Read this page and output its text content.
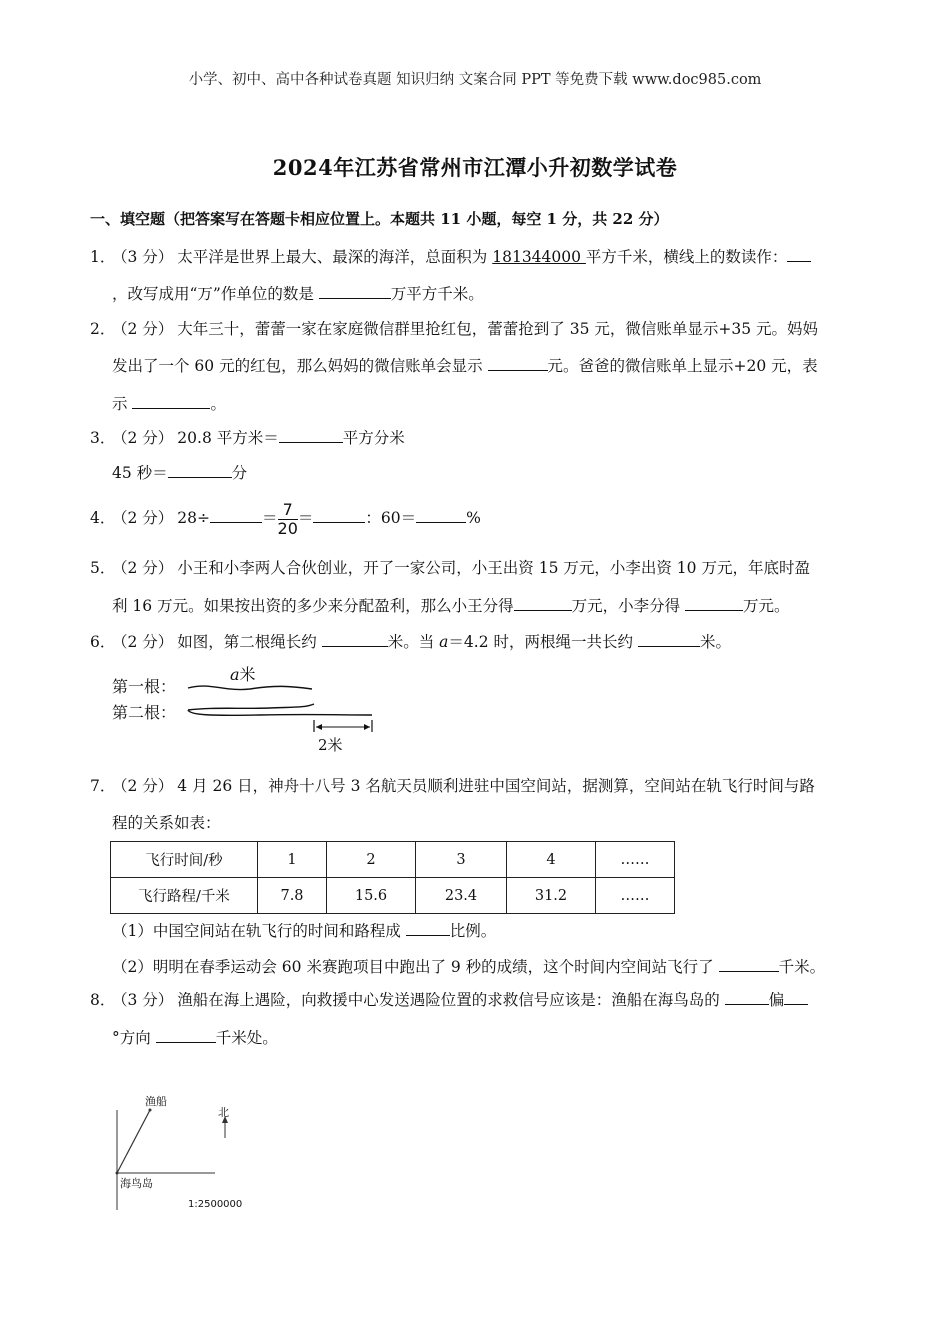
小学、初中、高中各种试卷真题 知识归纳 文案合同 PPT 等免费下载 www.doc985.com
2024年江苏省常州市江潭小升初数学试卷
一、填空题（把答案写在答题卡相应位置上。本题共 11 小题，每空 1 分，共 22 分）
1．（3 分） 太平洋是世界上最大、最深的海洋，总面积为 181344000 平方千米，横线上的数读作：
，改写成用“万”作单位的数是	万平方千米。
2．（2 分） 大年三十，蕾蕾一家在家庭微信群里抢红包，蕾蕾抢到了 35 元，微信账单显示+35 元。妈妈
发出了一个 60 元的红包，那么妈妈的微信账单会显示	元。爸爸的微信账单上显示+20 元，表
示	。
3．（2 分） 20.8 平方米＝	平方分米
45 秒＝	分
4．（2 分） 28÷	＝ $\frac{7}{20}$ ＝	：60＝	%
5．（2 分） 小王和小李两人合伙创业，开了一家公司，小王出资 15 万元，小李出资 10 万元，年底时盈
利 16 万元。如果按出资的多少来分配盈利，那么小王分得	万元，小李分得	万元。
6．（2 分） 如图，第二根绳长约	米。当 a＝4.2 时，两根绳一共长约	米。
第一根：
第二根：
a米
2米
7．（2 分） 4 月 26 日，神舟十八号 3 名航天员顺利进驻中国空间站，据测算，空间站在轨飞行时间与路
程的关系如表：
飞行时间/秒	1	2	3	4	……
飞行路程/千米	7.8	15.6	23.4	31.2	……
（1）中国空间站在轨飞行的时间和路程成	比例。
（2）明明在春季运动会 60 米赛跑项目中跑出了 9 秒的成绩，这个时间内空间站飞行了	千米。
8．（3 分） 渔船在海上遇险，向救援中心发送遇险位置的求救信号应该是：渔船在海鸟岛的	偏
°方向	千米处。
渔船
北
海鸟岛
1:2500000
